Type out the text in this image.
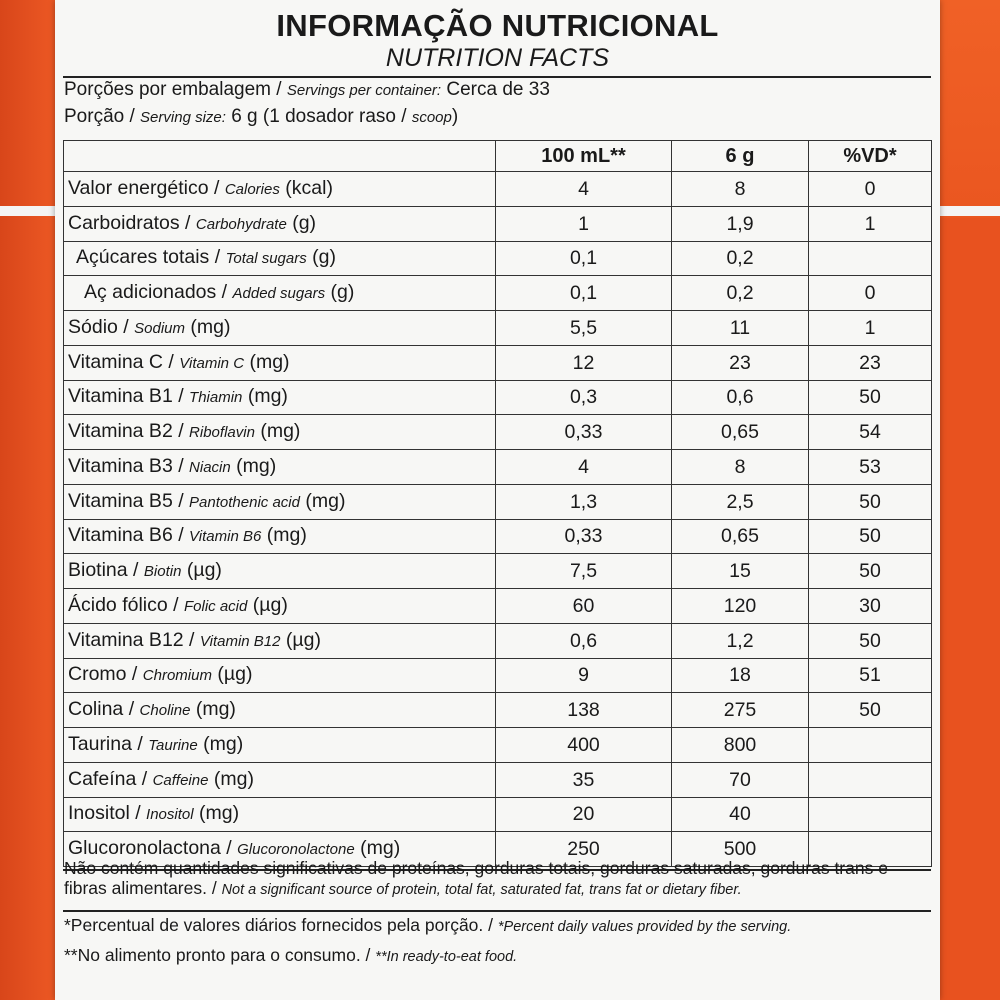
INFORMAÇÃO NUTRICIONAL
NUTRITION FACTS
Porções por embalagem / Servings per container: Cerca de 33
Porção / Serving size: 6 g (1 dosador raso / scoop)
	100 mL**	6 g	%VD*
Valor energético / Calories (kcal)	4	8	0
Carboidratos / Carbohydrate (g)	1	1,9	1
Açúcares totais / Total sugars (g)	0,1	0,2	
Aç adicionados / Added sugars (g)	0,1	0,2	0
Sódio / Sodium (mg)	5,5	11	1
Vitamina C / Vitamin C (mg)	12	23	23
Vitamina B1 / Thiamin (mg)	0,3	0,6	50
Vitamina B2 / Riboflavin (mg)	0,33	0,65	54
Vitamina B3 / Niacin (mg)	4	8	53
Vitamina B5 / Pantothenic acid (mg)	1,3	2,5	50
Vitamina B6 / Vitamin B6 (mg)	0,33	0,65	50
Biotina / Biotin (µg)	7,5	15	50
Ácido fólico / Folic acid (µg)	60	120	30
Vitamina B12 / Vitamin B12 (µg)	0,6	1,2	50
Cromo / Chromium (µg)	9	18	51
Colina / Choline (mg)	138	275	50
Taurina / Taurine (mg)	400	800	
Cafeína / Caffeine (mg)	35	70	
Inositol / Inositol (mg)	20	40	
Glucoronolactona / Glucoronolactone (mg)	250	500	
Não contém quantidades significativas de proteínas, gorduras totais, gorduras saturadas, gorduras trans e fibras alimentares. / Not a significant source of protein, total fat, saturated fat, trans fat or dietary fiber.
*Percentual de valores diários fornecidos pela porção. / *Percent daily values provided by the serving.
**No alimento pronto para o consumo. / **In ready-to-eat food.
